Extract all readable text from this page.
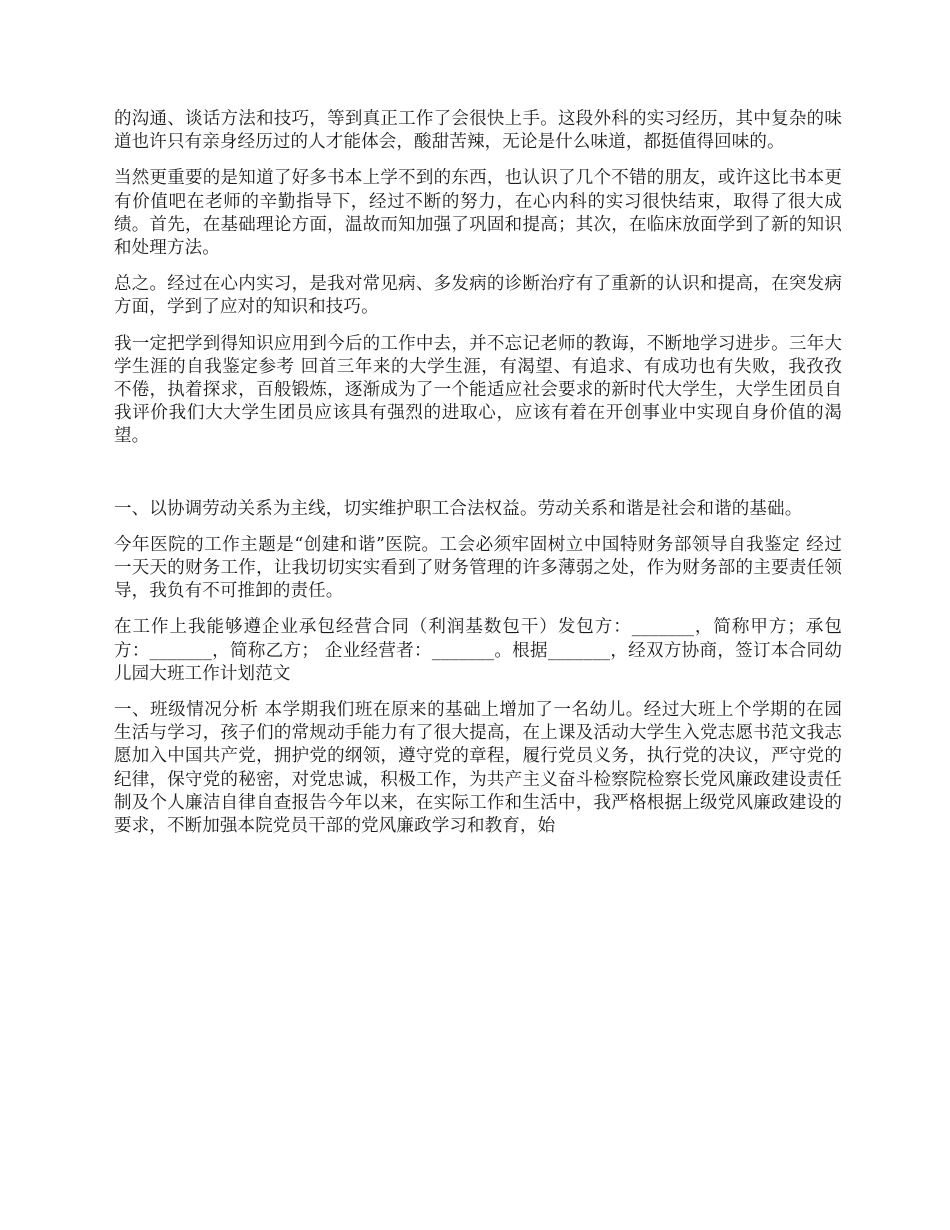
的沟通、谈话方法和技巧，等到真正工作了会很快上手。这段外科的实习经历，其中复杂的味道也许只有亲身经历过的人才能体会，酸甜苦辣，无论是什么味道，都挺值得回味的。

当然更重要的是知道了好多书本上学不到的东西，也认识了几个不错的朋友，或许这比书本更有价值吧在老师的辛勤指导下，经过不断的努力，在心内科的实习很快结束，取得了很大成绩。首先，在基础理论方面，温故而知加强了巩固和提高；其次，在临床放面学到了新的知识和处理方法。

总之。经过在心内实习，是我对常见病、多发病的诊断治疗有了重新的认识和提高，在突发病方面，学到了应对的知识和技巧。

我一定把学到得知识应用到今后的工作中去，并不忘记老师的教诲，不断地学习进步。三年大学生涯的自我鉴定参考 回首三年来的大学生涯，有渴望、有追求、有成功也有失败，我孜孜不倦，执着探求，百般锻炼，逐渐成为了一个能适应社会要求的新时代大学生，大学生团员自我评价我们大大学生团员应该具有强烈的进取心，应该有着在开创事业中实现自身价值的渴望。

一、以协调劳动关系为主线，切实维护职工合法权益。劳动关系和谐是社会和谐的基础。

今年医院的工作主题是“创建和谐”医院。工会必须牢固树立中国特财务部领导自我鉴定 经过一天天的财务工作，让我切切实实看到了财务管理的许多薄弱之处，作为财务部的主要责任领导，我负有不可推卸的责任。

在工作上我能够遵企业承包经营合同（利润基数包干）发包方：_______，简称甲方；承包方：_______，简称乙方； 企业经营者：_______。根据_______，经双方协商，签订本合同幼儿园大班工作计划范文

一、班级情况分析 本学期我们班在原来的基础上增加了一名幼儿。经过大班上个学期的在园生活与学习，孩子们的常规动手能力有了很大提高，在上课及活动大学生入党志愿书范文我志愿加入中国共产党，拥护党的纲领，遵守党的章程，履行党员义务，执行党的决议，严守党的纪律，保守党的秘密，对党忠诚，积极工作，为共产主义奋斗检察院检察长党风廉政建设责任制及个人廉洁自律自查报告今年以来，在实际工作和生活中，我严格根据上级党风廉政建设的要求，不断加强本院党员干部的党风廉政学习和教育，始
